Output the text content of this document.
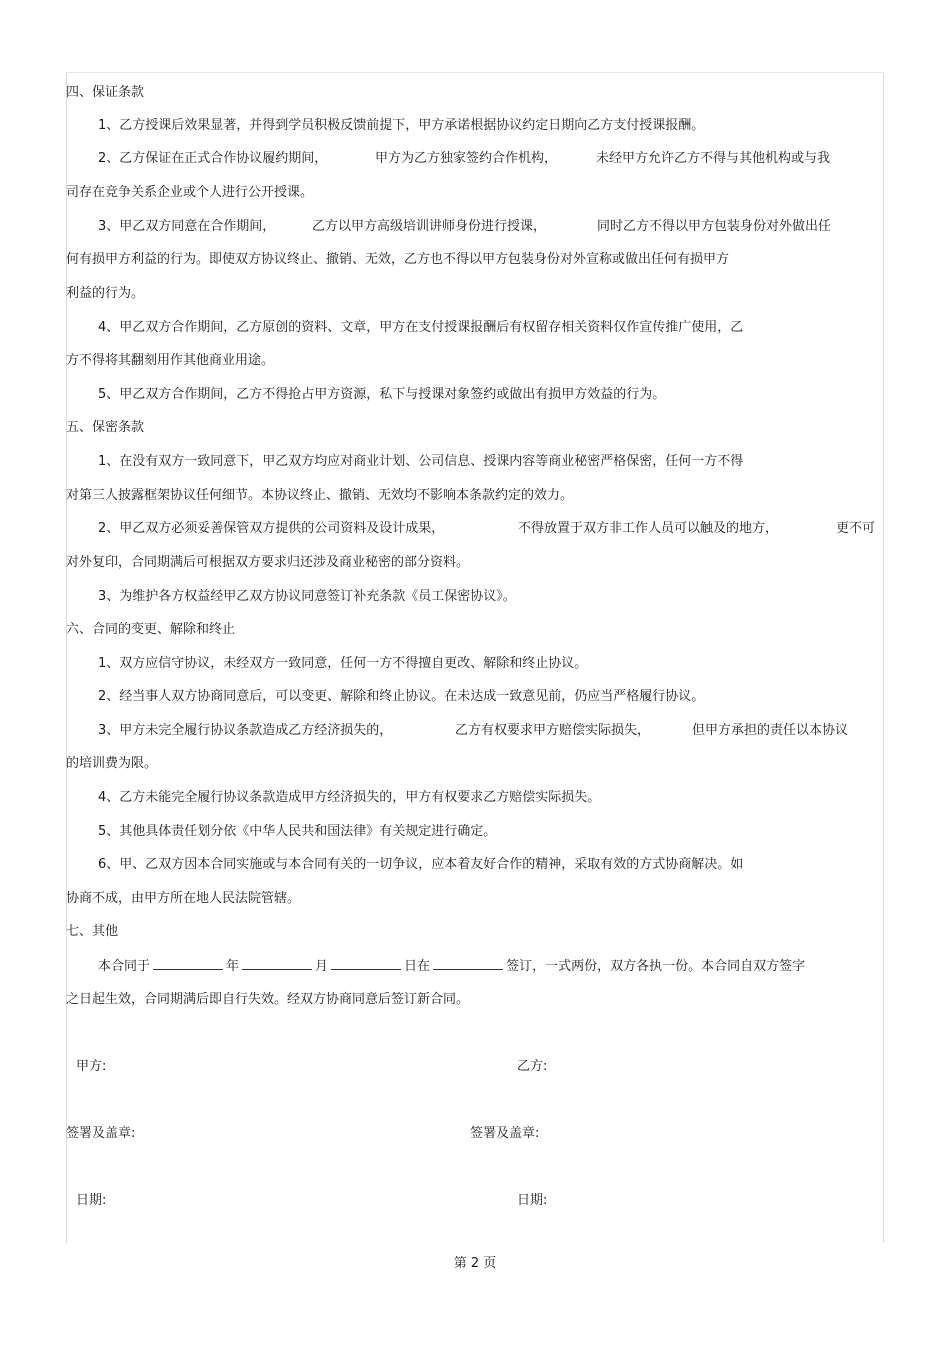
四、保证条款
1、乙方授课后效果显著，并得到学员积极反馈前提下，甲方承诺根据协议约定日期向乙方支付授课报酬。
2、乙方保证在正式合作协议履约期间，	甲方为乙方独家签约合作机构，	未经甲方允许乙方不得与其他机构或与我
司存在竞争关系企业或个人进行公开授课。
3、甲乙双方同意在合作期间，	乙方以甲方高级培训讲师身份进行授课，	同时乙方不得以甲方包装身份对外做出任
何有损甲方利益的行为。即使双方协议终止、撤销、无效，乙方也不得以甲方包装身份对外宣称或做出任何有损甲方
利益的行为。
4、甲乙双方合作期间，乙方原创的资料、文章，甲方在支付授课报酬后有权留存相关资料仅作宣传推广使用，乙
方不得将其翻刻用作其他商业用途。
5、甲乙双方合作期间，乙方不得抢占甲方资源，私下与授课对象签约或做出有损甲方效益的行为。
五、保密条款
1、在没有双方一致同意下，甲乙双方均应对商业计划、公司信息、授课内容等商业秘密严格保密，任何一方不得
对第三人披露框架协议任何细节。本协议终止、撤销、无效均不影响本条款约定的效力。
2、甲乙双方必须妥善保管双方提供的公司资料及设计成果，	不得放置于双方非工作人员可以触及的地方，	更不可
对外复印，合同期满后可根据双方要求归还涉及商业秘密的部分资料。
3、为维护各方权益经甲乙双方协议同意签订补充条款《员工保密协议》。
六、合同的变更、解除和终止
1、双方应信守协议，未经双方一致同意，任何一方不得擅自更改、解除和终止协议。
2、经当事人双方协商同意后，可以变更、解除和终止协议。在未达成一致意见前，仍应当严格履行协议。
3、甲方未完全履行协议条款造成乙方经济损失的，	乙方有权要求甲方赔偿实际损失，	但甲方承担的责任以本协议
的培训费为限。
4、乙方未能完全履行协议条款造成甲方经济损失的，甲方有权要求乙方赔偿实际损失。
5、其他具体责任划分依《中华人民共和国法律》有关规定进行确定。
6、甲、乙双方因本合同实施或与本合同有关的一切争议，应本着友好合作的精神，采取有效的方式协商解决。如
协商不成，由甲方所在地人民法院管辖。
七、其他
本合同于	年	月	日在	签订，一式两份，双方各执一份。本合同自双方签字
之日起生效，合同期满后即自行失效。经双方协商同意后签订新合同。
甲方:	乙方:
签署及盖章:	签署及盖章:
日期:	日期:
第 2 页
